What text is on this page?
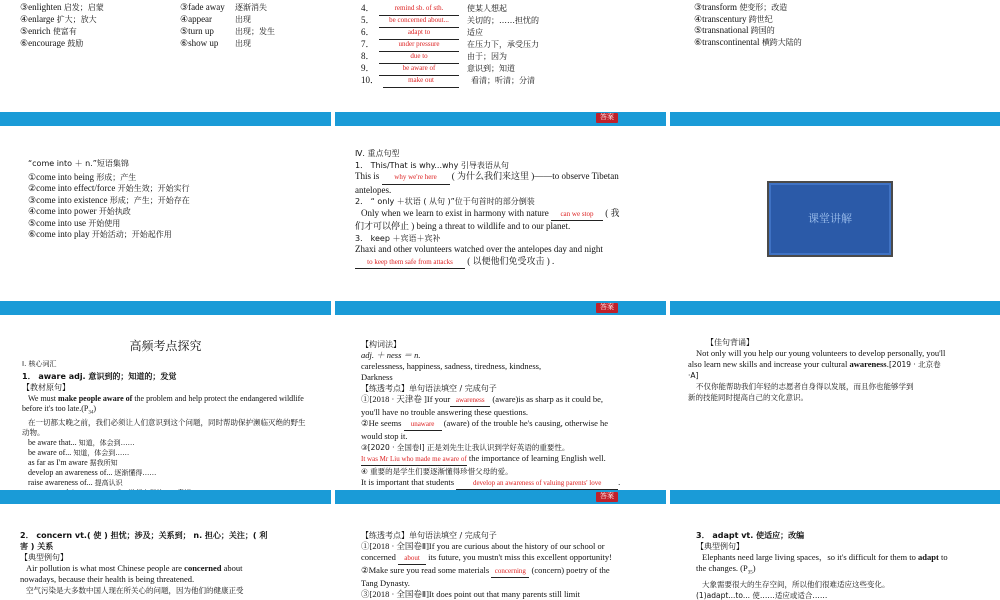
③enlighten 启发；启蒙	③fade away 逐渐消失
④enlarge 扩大；放大	④appear	出现
⑤enrich 使富有	⑤turn up	出现；发生
⑥encourage 鼓励	⑥show up 出现
4．	remind sb. of sth.	使某人想起
5．	be concerned about...	关切的；……担忧的
6．	adapt to	适应
7．	under pressure	在压力下，承受压力
8．	due to	由于；因为
9．	be aware of	意识到；知道
10．	make out	看清；听清；分清
答案
③transform 使变形；改造
④transcentury 跨世纪
⑤transnational 跨国的
⑥transcontinental 横跨大陆的
“come into ＋ n.”短语集锦
①come into being 形成；产生
②come into effect/force 开始生效；开始实行
③come into existence 形成；产生；开始存在
④come into power 开始执政
⑤come into use 开始使用
⑥come into play 开始活动；开始起作用
Ⅳ. 重点句型
1． This/That is why...why 引导表语从句
This is why we're here ( 为什么我们来这里 )——to observe Tibetan
antelopes.
2． “ only ＋状语 ( 从句 )”位于句首时的部分倒装
Only when we learn to exist in harmony with nature can we stop ( 我
们才可以停止 ) being a threat to wildlife and to our planet.
3． keep ＋宾语＋宾补
Zhaxi and other volunteers watched over the antelopes day and night
to keep them safe from attacks ( 以便他们免受攻击 ) .
答案
课堂讲解
高频考点探究
Ⅰ. 核心词汇
1． aware adj. 意识到的；知道的；发觉
【教材原句】
We must make people aware of the problem and help protect the endangered wildlife before it's too $late.(P_{34})$
在一切都太晚之前，我们必须让人们意识到这个问题，同时帮助保护濒临灭绝的野生动物。
be aware that... 知道，体会到……
be aware of... 知道，体会到……
as far as I'm aware 据我所知
develop an awareness of... 逐渐懂得……
raise awareness of... 提高认识
【构词法】
adj. ＋ ness ＝ n.
carelessness, happiness, sadness, tiredness, kindness,
Darkness
【练透考点】单句语法填空 / 完成句子
①[2018 · 天津卷 ]If your awareness (aware)is as sharp as it could be,
you'll have no trouble answering these questions.
②He seems unaware (aware) of the trouble he's causing, otherwise he
would stop it.
③[2020 · 全国卷Ⅰ] 正是刘先生让我认识到学好英语的重要性。
It was Mr Liu who made me aware of the importance of learning English well.
④ 重要的是学生们要逐渐懂得珍惜父母的爱。
It is important that students	develop an awareness of valuing parents' love .
答案
【佳句背诵】
Not only will you help our young volunteers to develop personally, you'll
also learn new skills and increase your cultural awareness.[2019 · 北京卷
·A]
不仅你能帮助我们年轻的志愿者自身得以发展，而且你也能够学到
新的技能同时提高自己的文化意识。
2． concern vt.( 使 ) 担忧；涉及；关系到； n. 担心；关注；( 利
害 ) 关系
【典型例句】
Air pollution is what most Chinese people are concerned about
nowadays, because their health is being threatened.
空气污染是大多数中国人现在所关心的问题，因为他们的健康正受
【练透考点】单句语法填空 / 完成句子
①[2018 · 全国卷Ⅱ]If you are curious about the history of our school or
concerned about its future, you mustn't miss this excellent opportunity!
②Make sure you read some materials concerning (concern) poetry of the
Tang Dynasty.
③[2018 · 全国卷Ⅱ]It does point out that many parents still limit
3． adapt vt. 使适应；改编
【典型例句】
Elephants need large living spaces，so it's difficult for them to adapt to
the changes. $(P_{35})$
大象需要很大的生存空间，所以他们很难适应这些变化。
(1)adapt...to... 使……适应或适合……
